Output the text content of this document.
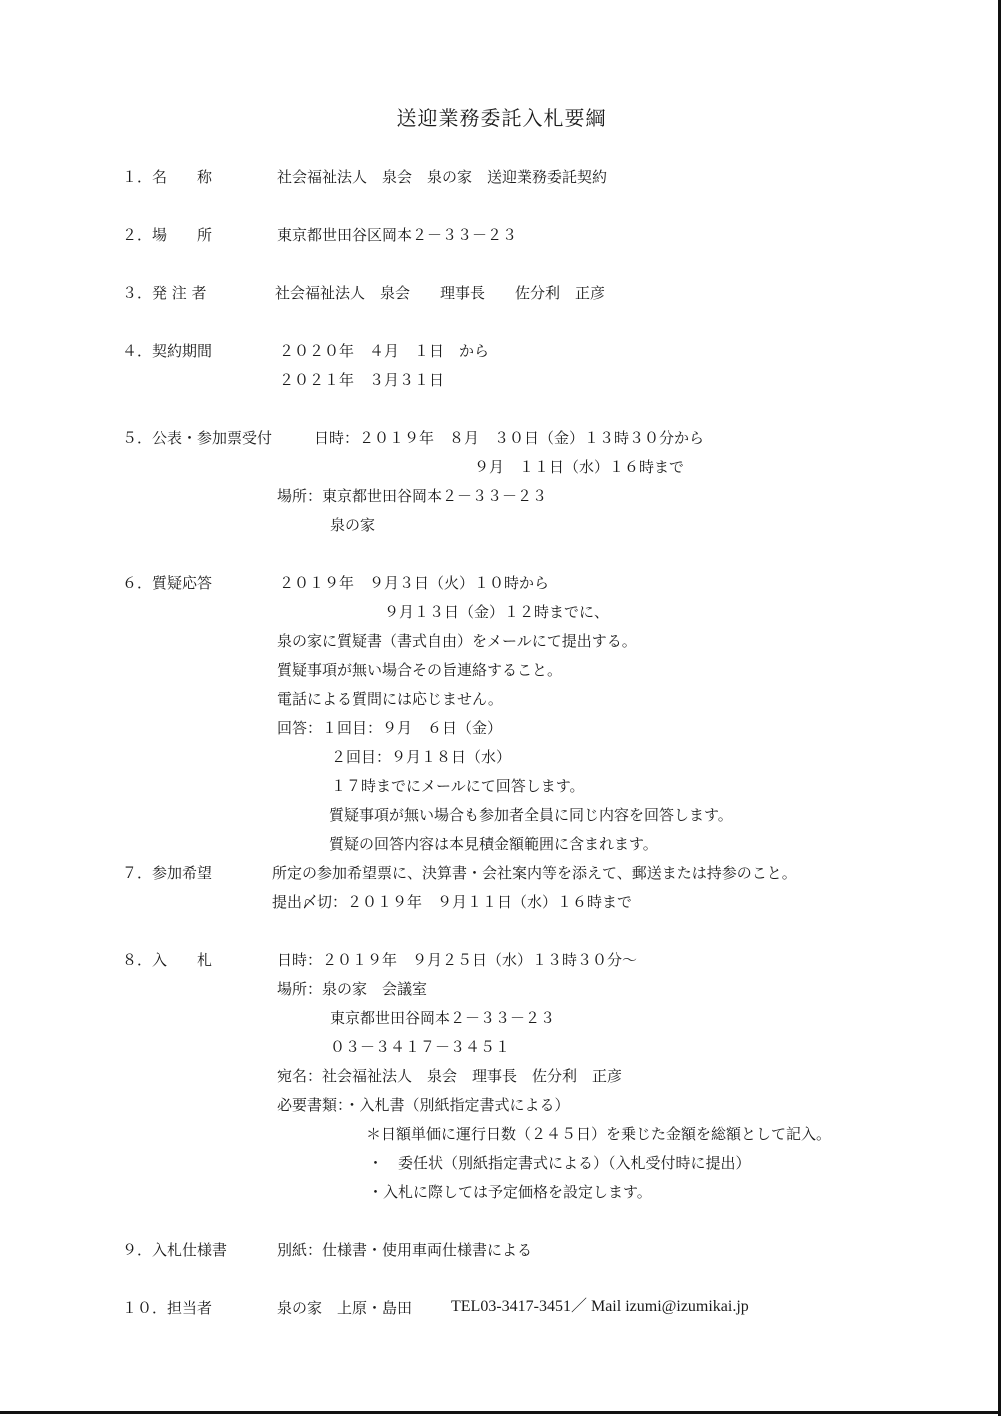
送迎業務委託入札要綱
１．名　　称	社会福祉法人　泉会　泉の家　送迎業務委託契約
２．場　　所	東京都世田谷区岡本２－３３－２３
３．発 注 者	社会福祉法人　泉会　　理事長　　佐分利　正彦
４．契約期間	２０２０年　４月　１日　から
２０２１年　３月３１日
５．公表・参加票受付	日時：２０１９年　８月　３０日（金）１３時３０分から
９月　１１日（水）１６時まで
場所：東京都世田谷岡本２－３３－２３
泉の家
６．質疑応答	２０１９年　９月３日（火）１０時から
９月１３日（金）１２時までに、
泉の家に質疑書（書式自由）をメールにて提出する。
質疑事項が無い場合その旨連絡すること。
電話による質問には応じません。
回答：１回目：９月　６日（金）
２回目：９月１８日（水）
１７時までにメールにて回答します。
質疑事項が無い場合も参加者全員に同じ内容を回答します。
質疑の回答内容は本見積金額範囲に含まれます。
７．参加希望	所定の参加希望票に、決算書・会社案内等を添えて、郵送または持参のこと。
提出〆切：２０１９年　９月１１日（水）１６時まで
８．入　　札	日時：２０１９年　９月２５日（水）１３時３０分～
場所：泉の家　会議室
東京都世田谷岡本２－３３－２３
０３－３４１７－３４５１
宛名：社会福祉法人　泉会　理事長　佐分利　正彦
必要書類：・入札書（別紙指定書式による）
＊日額単価に運行日数（２４５日）を乗じた金額を総額として記入。
・　委任状（別紙指定書式による）（入札受付時に提出）
・入札に際しては予定価格を設定します。
９．入札仕様書	別紙：仕様書・使用車両仕様書による
１０．担当者	泉の家　上原・島田 TEL03-3417-3451／ Mail izumi@izumikai.jp
